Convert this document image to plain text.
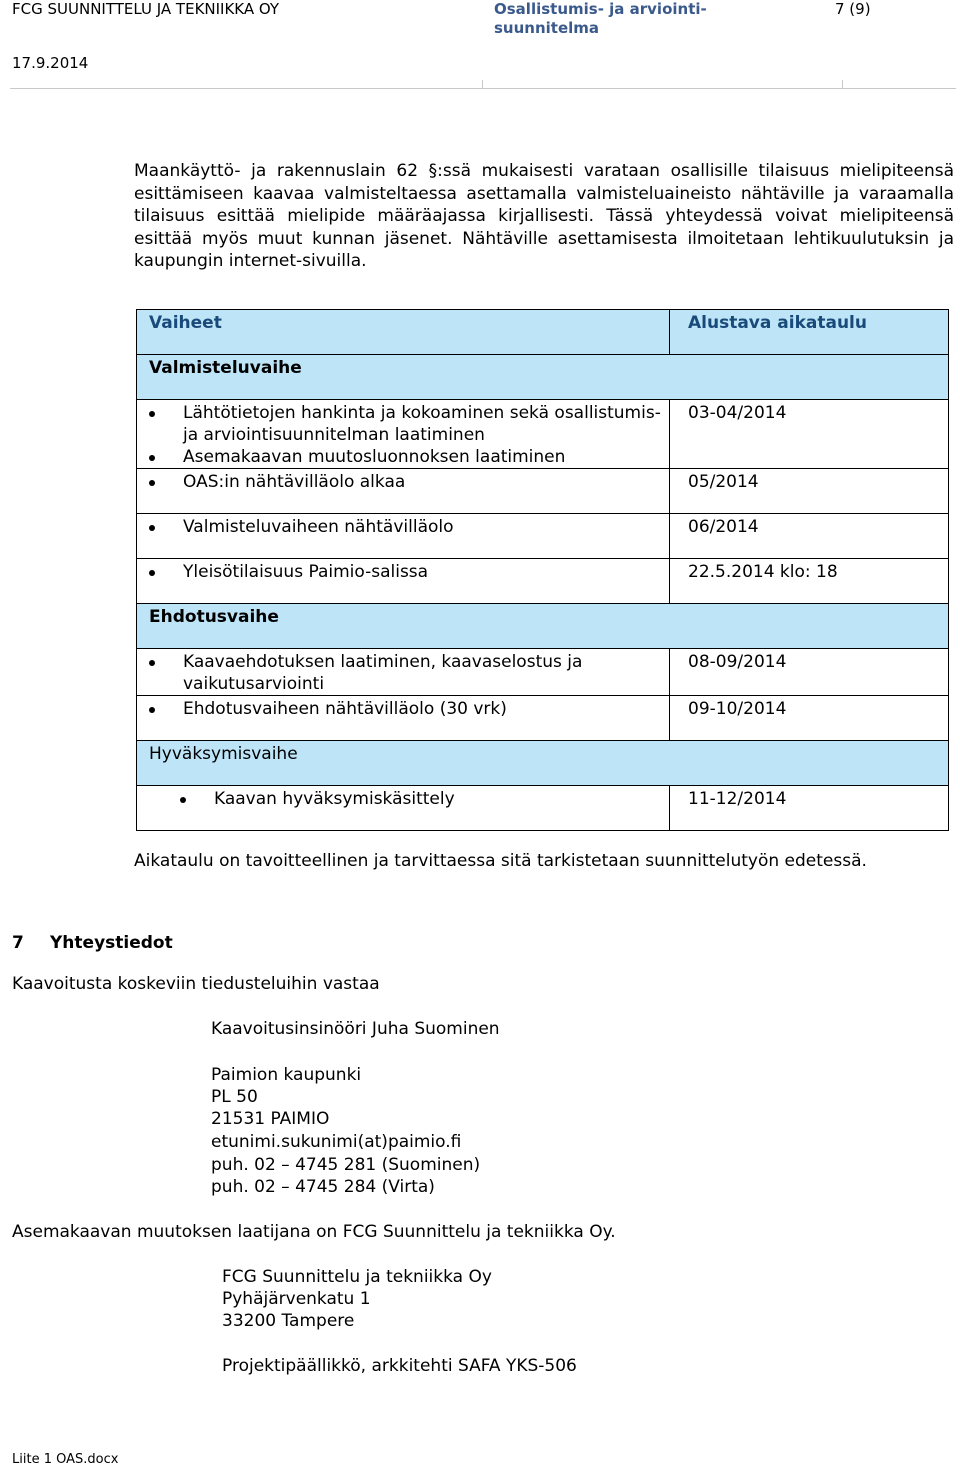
FCG SUUNNITTELU JA TEKNIIKKA OY	Osallistumis- ja arviointi-suunnitelma
7 (9)
17.9.2014
Maankäyttö- ja rakennuslain 62 §:ssä mukaisesti varataan osallisille tilaisuus mielipiteensä esittämiseen kaavaa valmisteltaessa asettamalla valmisteluaineisto nähtäville ja varaamalla tilaisuus esittää mielipide määräajassa kirjallisesti. Tässä yhteydessä voivat mielipiteensä esittää myös muut kunnan jäsenet. Nähtäville asettamisesta ilmoitetaan lehtikuulutuksin ja kaupungin internet-sivuilla.
Vaiheet	Alustava aikataulu
Valmisteluvaihe	

Lähtötietojen hankinta ja kokoaminen sekä osallistumis- ja arviointisuunnitelman laatiminen
Asemakaavan muutosluonnoksen laatiminen	03-04/2014

OAS:in nähtävilläolo alkaa	05/2014

Valmisteluvaiheen nähtävilläolo	06/2014

Yleisötilaisuus Paimio-salissa	22.5.2014 klo: 18
Ehdotusvaihe	

Kaavaehdotuksen laatiminen, kaavaselostus ja vaikutusarviointi	08-09/2014

Ehdotusvaiheen nähtävilläolo (30 vrk)	09-10/2014
Hyväksymisvaihe	

Kaavan hyväksymiskäsittely	11-12/2014
Aikataulu on tavoitteellinen ja tarvittaessa sitä tarkistetaan suunnittelutyön edetessä.
7 Yhteystiedot
Kaavoitusta koskeviin tiedusteluihin vastaa
Kaavoitusinsinööri Juha Suominen
Paimion kaupunki
PL 50
21531 PAIMIO
etunimi.sukunimi(at)paimio.fi
puh. 02 – 4745 281 (Suominen)
puh. 02 – 4745 284 (Virta)
Asemakaavan muutoksen laatijana on FCG Suunnittelu ja tekniikka Oy.
FCG Suunnittelu ja tekniikka Oy
Pyhäjärvenkatu 1
33200 Tampere
Projektipäällikkö, arkkitehti SAFA YKS-506
Liite 1 OAS.docx
